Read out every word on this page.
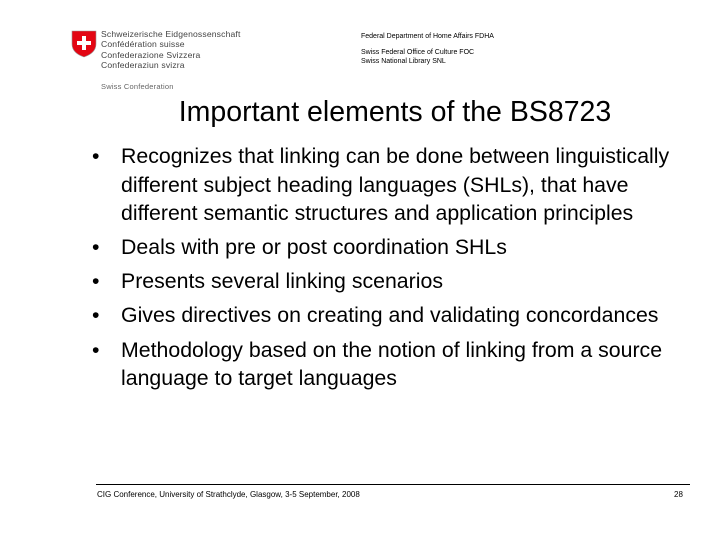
Schweizerische Eidgenossenschaft
Confédération suisse
Confederazione Svizzera
Confederaziun svizra
Swiss Confederation
Federal Department of Home Affairs FDHA
Swiss Federal Office of Culture FOC
Swiss National Library SNL
Important elements of the BS8723
• Recognizes that linking can be done between linguistically different subject heading languages (SHLs), that have different semantic structures and application principles
• Deals with pre or post coordination SHLs
• Presents several linking scenarios
• Gives directives on creating and validating concordances
• Methodology based on the notion of linking from a source language to target languages
CIG Conference, University of Strathclyde, Glasgow, 3-5 September, 2008	28
